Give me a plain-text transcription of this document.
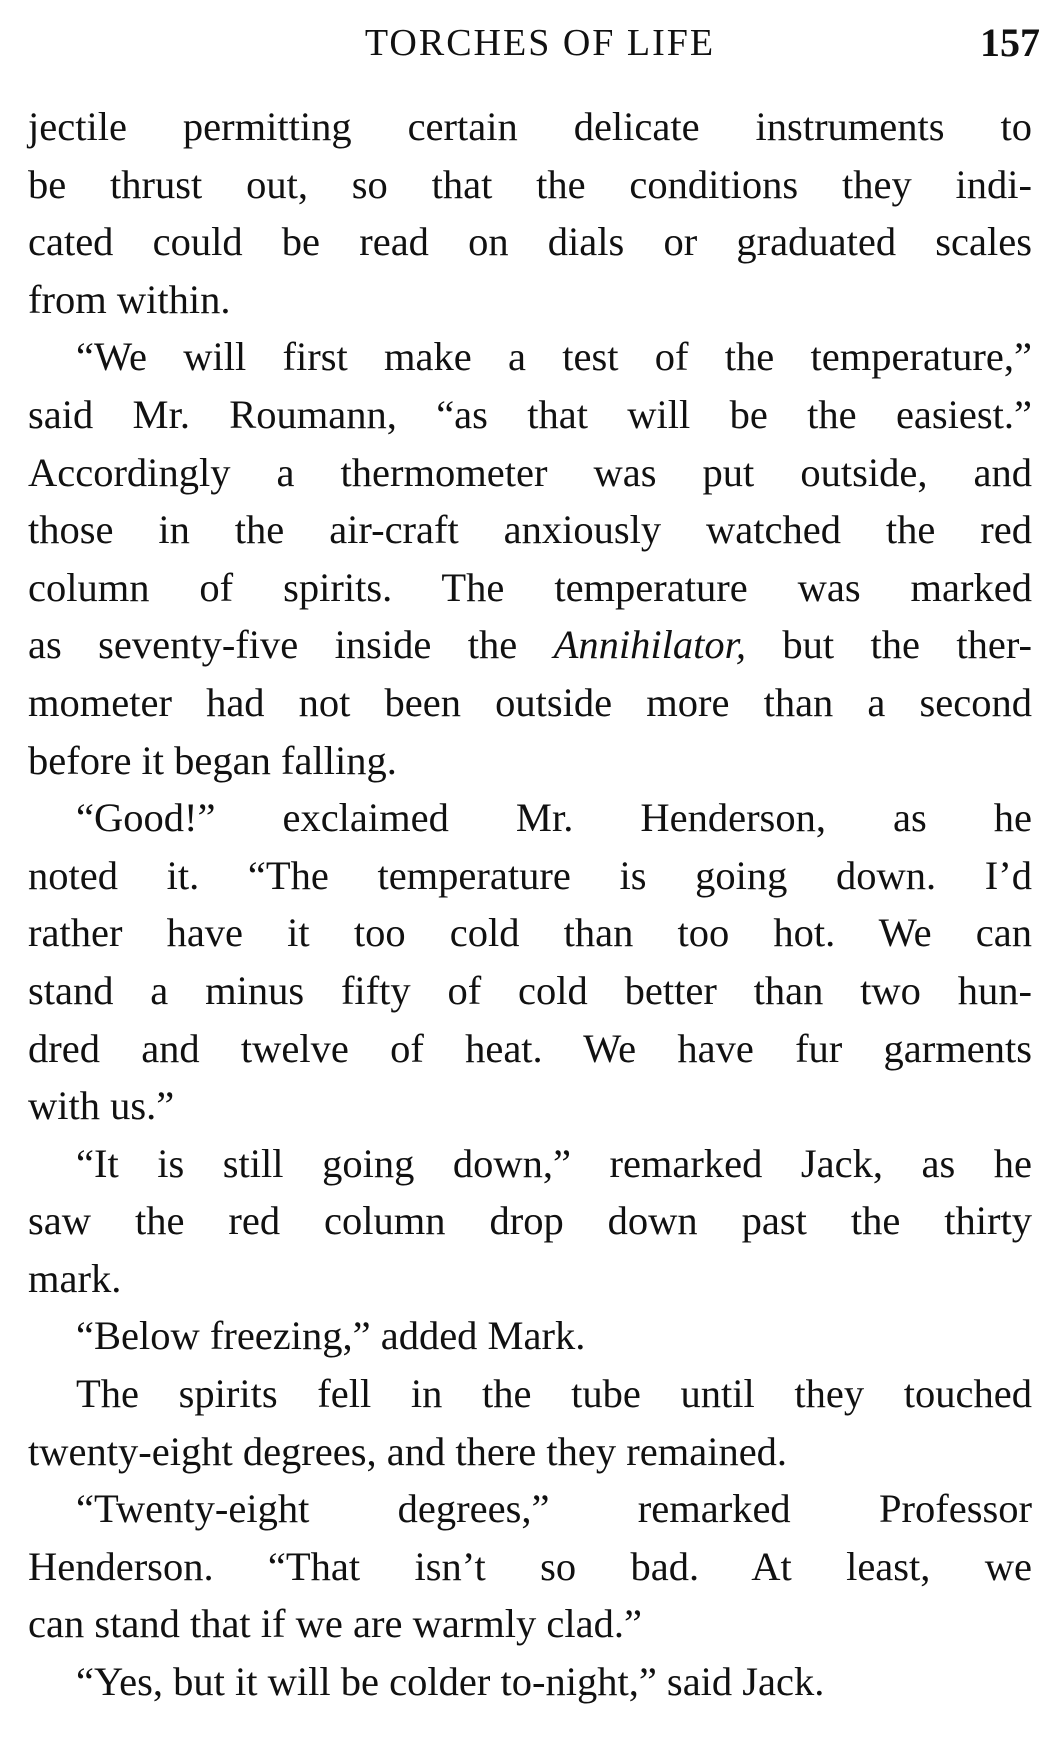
TORCHES OF LIFE	157

jectile permitting certain delicate instruments to
be thrust out, so that the conditions they indi-
cated could be read on dials or graduated scales
from within.

“We will first make a test of the temperature,”
said Mr. Roumann, “as that will be the easiest.”
Accordingly a thermometer was put outside, and
those in the air-craft anxiously watched the red
column of spirits. The temperature was marked
as seventy-five inside the Annihilator, but the ther-
mometer had not been outside more than a second
before it began falling.

“Good!” exclaimed Mr. Henderson, as he
noted it. “The temperature is going down. I’d
rather have it too cold than too hot. We can
stand a minus fifty of cold better than two hun-
dred and twelve of heat. We have fur garments
with us.”

“It is still going down,” remarked Jack, as he
saw the red column drop down past the thirty
mark.

“Below freezing,” added Mark.

The spirits fell in the tube until they touched
twenty-eight degrees, and there they remained.

“Twenty-eight degrees,” remarked Professor
Henderson. “That isn’t so bad. At least, we
can stand that if we are warmly clad.”

“Yes, but it will be colder to-night,” said Jack.
